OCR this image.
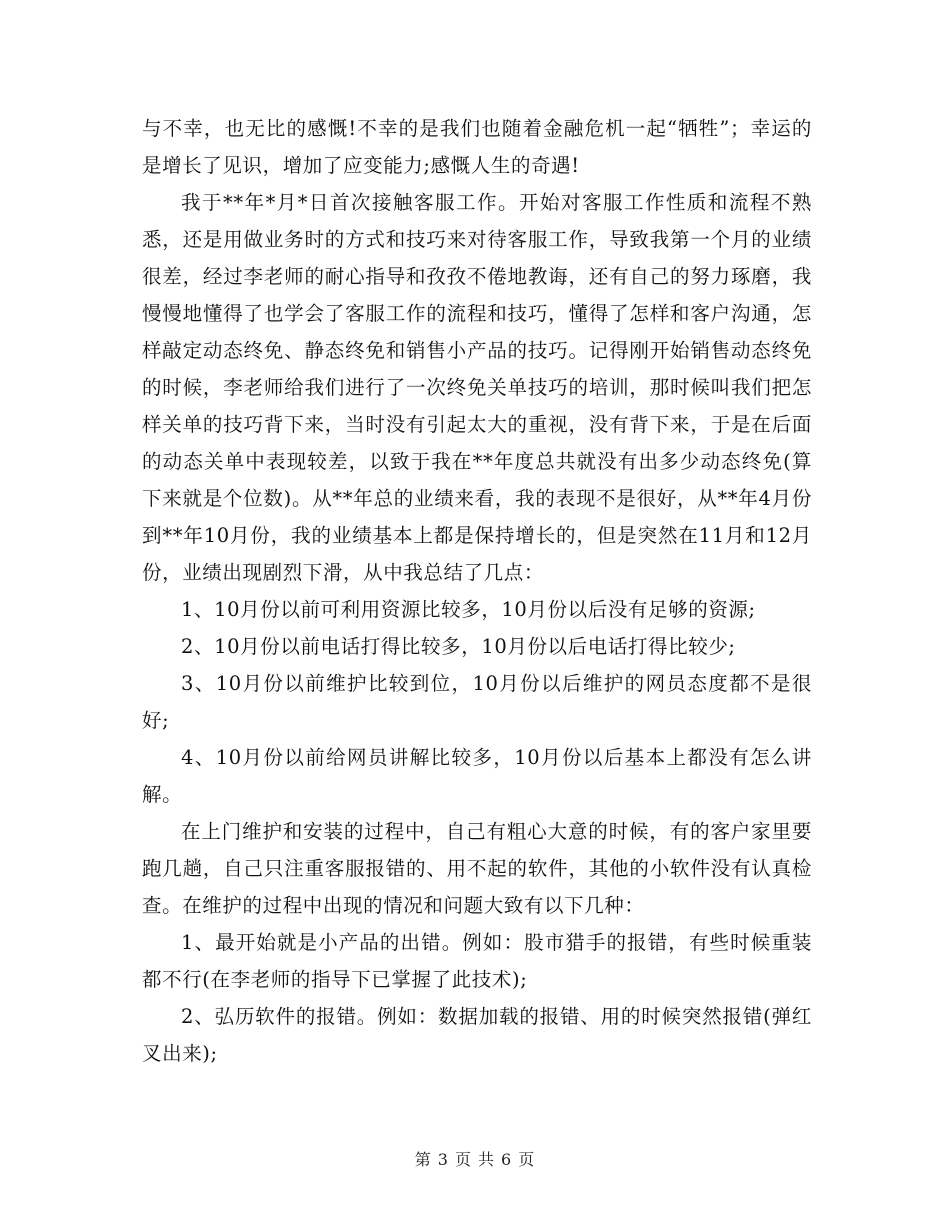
与不幸，也无比的感慨!不幸的是我们也随着金融危机一起“牺牲”；幸运的是增长了见识，增加了应变能力;感慨人生的奇遇!

我于**年*月*日首次接触客服工作。开始对客服工作性质和流程不熟悉，还是用做业务时的方式和技巧来对待客服工作，导致我第一个月的业绩很差，经过李老师的耐心指导和孜孜不倦地教诲，还有自己的努力琢磨，我慢慢地懂得了也学会了客服工作的流程和技巧，懂得了怎样和客户沟通，怎样敲定动态终免、静态终免和销售小产品的技巧。记得刚开始销售动态终免的时候，李老师给我们进行了一次终免关单技巧的培训，那时候叫我们把怎样关单的技巧背下来，当时没有引起太大的重视，没有背下来，于是在后面的动态关单中表现较差，以致于我在**年度总共就没有出多少动态终免(算下来就是个位数)。从**年总的业绩来看，我的表现不是很好，从**年4月份到**年10月份，我的业绩基本上都是保持增长的，但是突然在11月和12月份，业绩出现剧烈下滑，从中我总结了几点：

1、10月份以前可利用资源比较多，10月份以后没有足够的资源;

2、10月份以前电话打得比较多，10月份以后电话打得比较少;

3、10月份以前维护比较到位，10月份以后维护的网员态度都不是很好;

4、10月份以前给网员讲解比较多，10月份以后基本上都没有怎么讲解。

在上门维护和安装的过程中，自己有粗心大意的时候，有的客户家里要跑几趟，自己只注重客服报错的、用不起的软件，其他的小软件没有认真检查。在维护的过程中出现的情况和问题大致有以下几种：

1、最开始就是小产品的出错。例如：股市猎手的报错，有些时候重装都不行(在李老师的指导下已掌握了此技术);

2、弘历软件的报错。例如：数据加载的报错、用的时候突然报错(弹红叉出来);

第 3 页 共 6 页
